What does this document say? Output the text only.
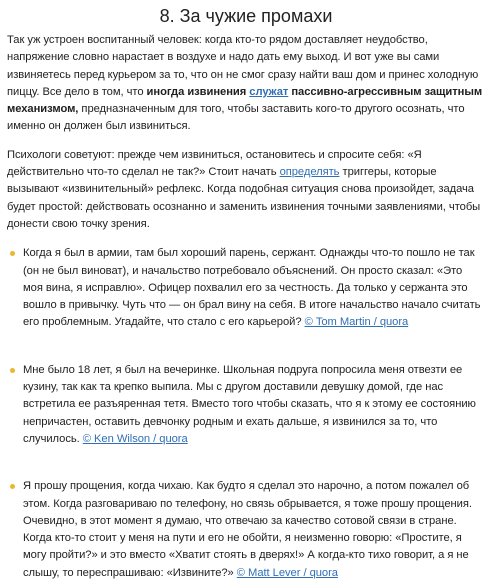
8. За чужие промахи

Так уж устроен воспитанный человек: когда кто-то рядом доставляет неудобство, напряжение словно нарастает в воздухе и надо дать ему выход. И вот уже вы сами извиняетесь перед курьером за то, что он не смог сразу найти ваш дом и принес холодную пиццу. Все дело в том, что иногда извинения служат пассивно-агрессивным защитным механизмом, предназначенным для того, чтобы заставить кого-то другого осознать, что именно он должен был извиниться.

Психологи советуют: прежде чем извиниться, остановитесь и спросите себя: «Я действительно что-то сделал не так?» Стоит начать определять триггеры, которые вызывают «извинительный» рефлекс. Когда подобная ситуация снова произойдет, задача будет простой: действовать осознанно и заменить извинения точными заявлениями, чтобы донести свою точку зрения.

Когда я был в армии, там был хороший парень, сержант. Однажды что-то пошло не так (он не был виноват), и начальство потребовало объяснений. Он просто сказал: «Это моя вина, я исправлю». Офицер похвалил его за честность. Да только у сержанта это вошло в привычку. Чуть что — он брал вину на себя. В итоге начальство начало считать его проблемным. Угадайте, что стало с его карьерой? © Tom Martin / quora

Мне было 18 лет, я был на вечеринке. Школьная подруга попросила меня отвезти ее кузину, так как та крепко выпила. Мы с другом доставили девушку домой, где нас встретила ее разъяренная тетя. Вместо того чтобы сказать, что я к этому ее состоянию непричастен, оставить девчонку родным и ехать дальше, я извинился за то, что случилось. © Ken Wilson / quora

Я прошу прощения, когда чихаю. Как будто я сделал это нарочно, а потом пожалел об этом. Когда разговариваю по телефону, но связь обрывается, я тоже прошу прощения. Очевидно, в этот момент я думаю, что отвечаю за качество сотовой связи в стране. Когда кто-то стоит у меня на пути и его не обойти, я неизменно говорю: «Простите, я могу пройти?» и это вместо «Хватит стоять в дверях!» А когда-кто тихо говорит, а я не слышу, то переспрашиваю: «Извините?» © Matt Lever / quora
